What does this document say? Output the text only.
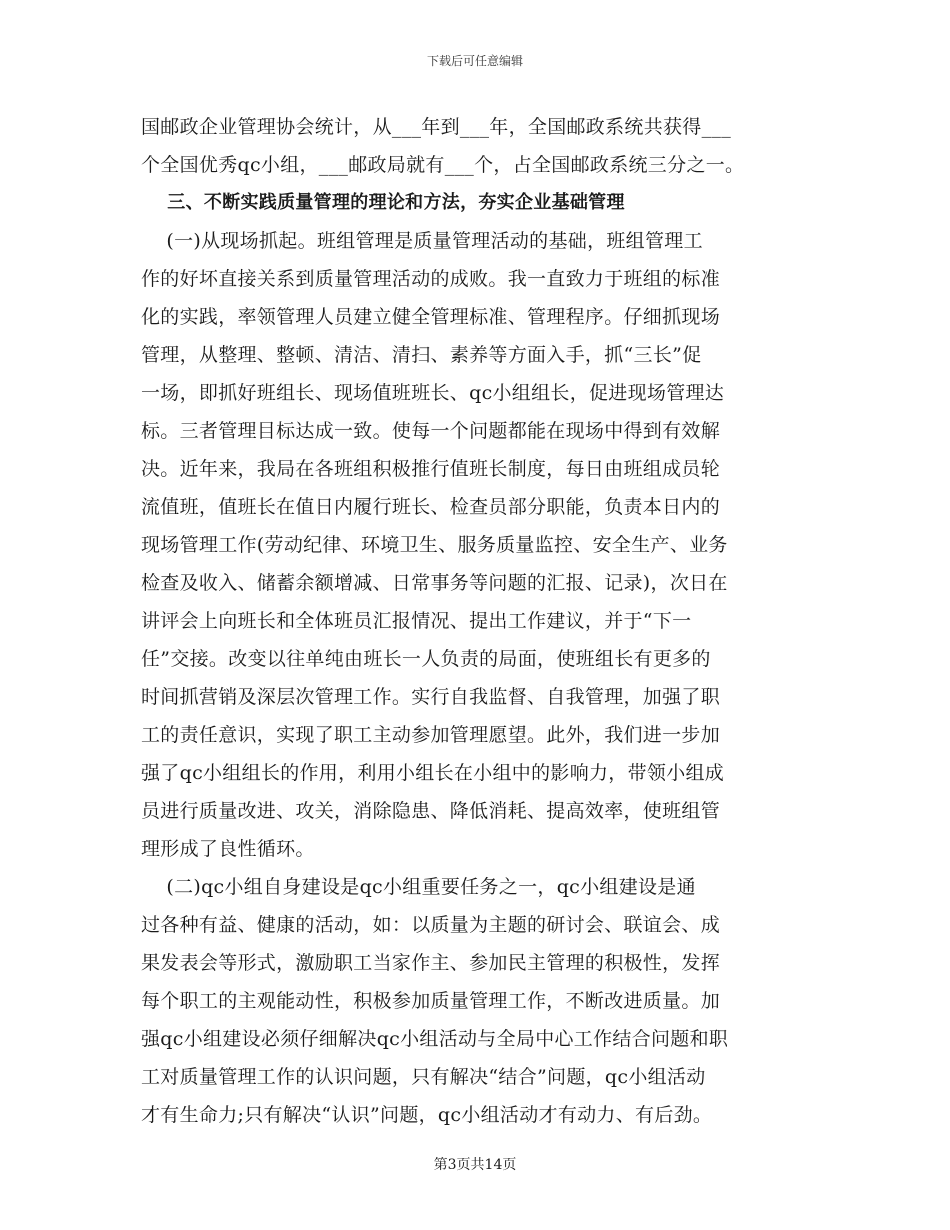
下载后可任意编辑
国邮政企业管理协会统计，从___年到___年，全国邮政系统共获得___
个全国优秀qc小组，___邮政局就有___个，占全国邮政系统三分之一。
三、不断实践质量管理的理论和方法，夯实企业基础管理
(一)从现场抓起。班组管理是质量管理活动的基础，班组管理工
作的好坏直接关系到质量管理活动的成败。我一直致力于班组的标准
化的实践，率领管理人员建立健全管理标准、管理程序。仔细抓现场
管理，从整理、整顿、清洁、清扫、素养等方面入手，抓“三长”促
一场，即抓好班组长、现场值班班长、qc小组组长，促进现场管理达
标。三者管理目标达成一致。使每一个问题都能在现场中得到有效解
决。近年来，我局在各班组积极推行值班长制度，每日由班组成员轮
流值班，值班长在值日内履行班长、检查员部分职能，负责本日内的
现场管理工作(劳动纪律、环境卫生、服务质量监控、安全生产、业务
检查及收入、储蓄余额增减、日常事务等问题的汇报、记录)，次日在
讲评会上向班长和全体班员汇报情况、提出工作建议，并于“下一
任”交接。改变以往单纯由班长一人负责的局面，使班组长有更多的
时间抓营销及深层次管理工作。实行自我监督、自我管理，加强了职
工的责任意识，实现了职工主动参加管理愿望。此外，我们进一步加
强了qc小组组长的作用，利用小组长在小组中的影响力，带领小组成
员进行质量改进、攻关，消除隐患、降低消耗、提高效率，使班组管
理形成了良性循环。
(二)qc小组自身建设是qc小组重要任务之一，qc小组建设是通
过各种有益、健康的活动，如：以质量为主题的研讨会、联谊会、成
果发表会等形式，激励职工当家作主、参加民主管理的积极性，发挥
每个职工的主观能动性，积极参加质量管理工作，不断改进质量。加
强qc小组建设必须仔细解决qc小组活动与全局中心工作结合问题和职
工对质量管理工作的认识问题，只有解决“结合”问题，qc小组活动
才有生命力;只有解决“认识”问题，qc小组活动才有动力、有后劲。
第3页共14页
